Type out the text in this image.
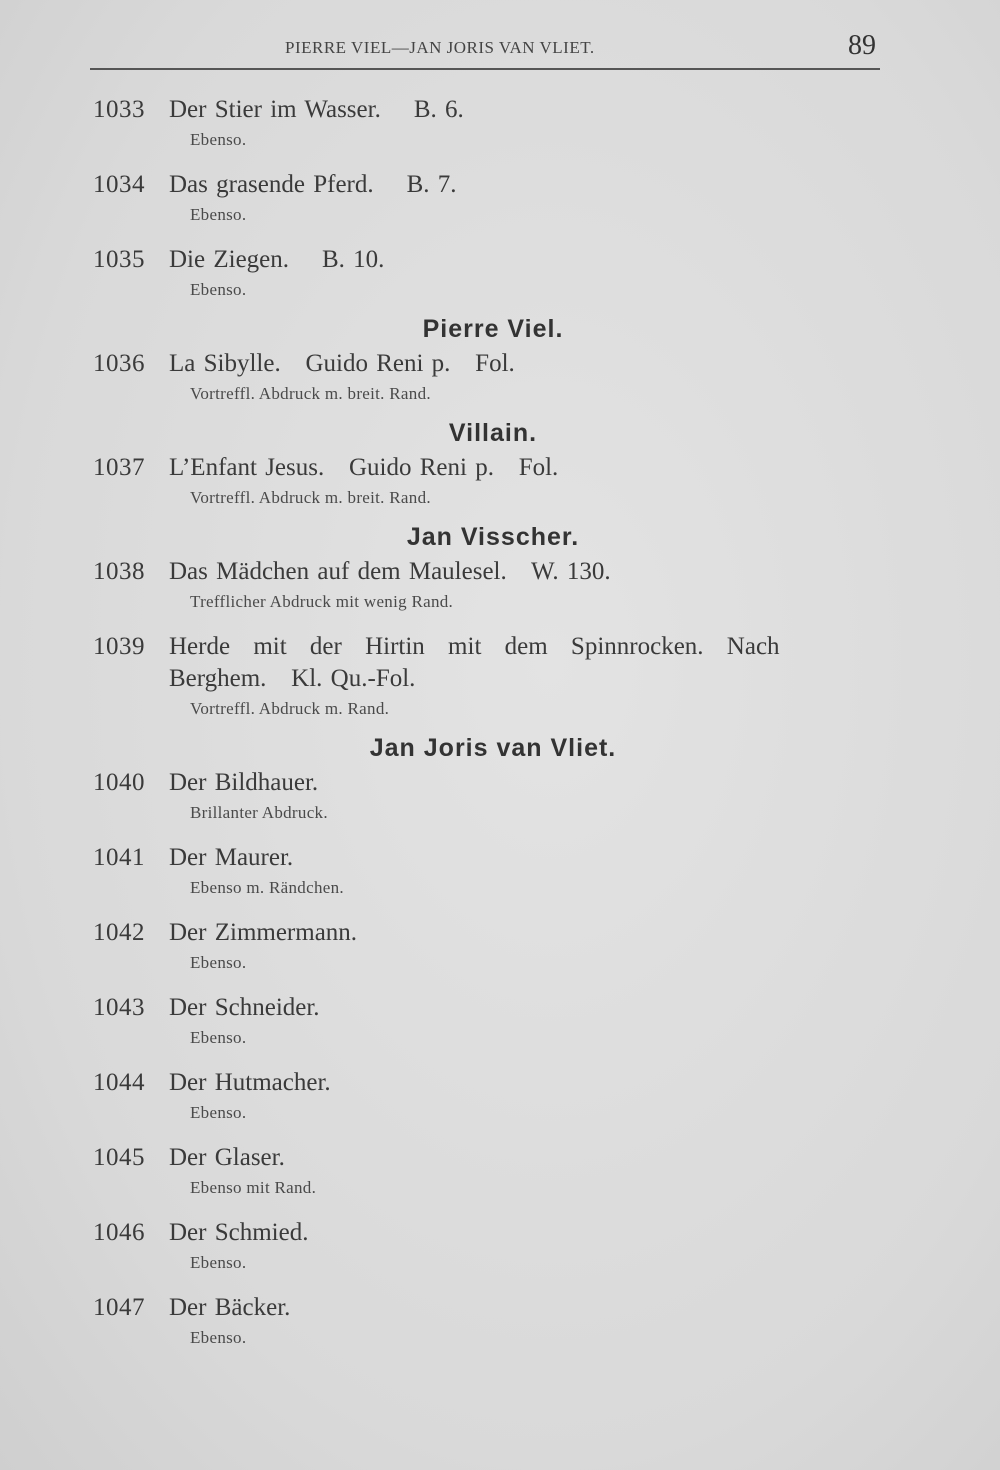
PIERRE VIEL—JAN JORIS VAN VLIET.	89
1033 Der Stier im Wasser.    B. 6.
Ebenso.
1034 Das grasende Pferd.    B. 7.
Ebenso.
1035 Die Ziegen.    B. 10.
Ebenso.
Pierre Viel.
1036 La Sibylle.   Guido Reni p.   Fol.
Vortreffl. Abdruck m. breit. Rand.
Villain.
1037 L’Enfant Jesus.   Guido Reni p.   Fol.
Vortreffl. Abdruck m. breit. Rand.
Jan Visscher.
1038 Das Mädchen auf dem Maulesel.   W. 130.
Trefflicher Abdruck mit wenig Rand.
1039 Herde mit der Hirtin mit dem Spinnrocken. Nach
Berghem.   Kl. Qu.-Fol.
Vortreffl. Abdruck m. Rand.
Jan Joris van Vliet.
1040 Der Bildhauer.
Brillanter Abdruck.
1041 Der Maurer.
Ebenso m. Rändchen.
1042 Der Zimmermann.
Ebenso.
1043 Der Schneider.
Ebenso.
1044 Der Hutmacher.
Ebenso.
1045 Der Glaser.
Ebenso mit Rand.
1046 Der Schmied.
Ebenso.
1047 Der Bäcker.
Ebenso.
